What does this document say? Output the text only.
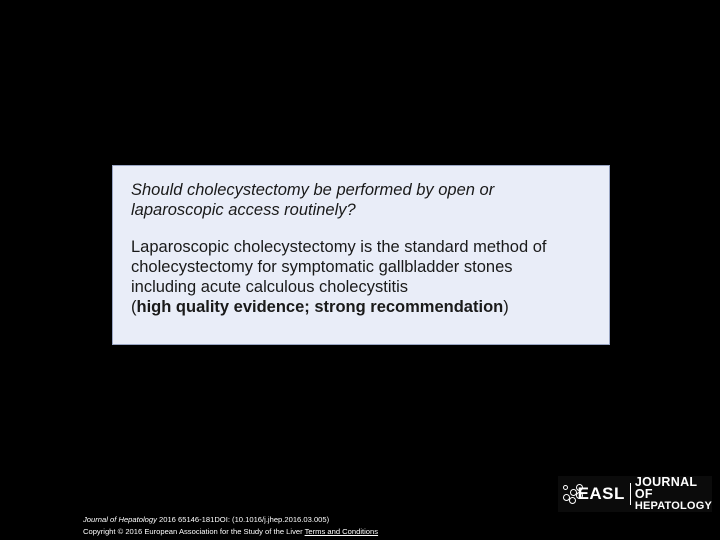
Should cholecystectomy be performed by open or laparoscopic access routinely?

Laparoscopic cholecystectomy is the standard method of cholecystectomy for symptomatic gallbladder stones including acute calculous cholecystitis
(high quality evidence; strong recommendation)

EASL
JOURNAL OF
HEPATOLOGY
Journal of Hepatology 2016 65146-181DOI: (10.1016/j.jhep.2016.03.005)
Copyright © 2016 European Association for the Study of the Liver Terms and Conditions
